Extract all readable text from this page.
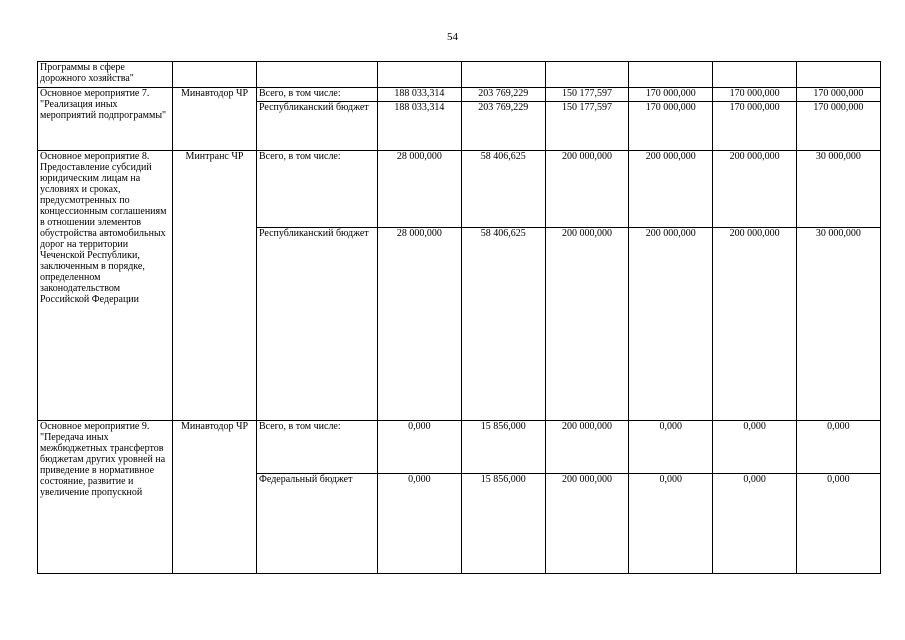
54
Программы в сфере дорожного хозяйства"								
Основное мероприятие 7. "Реализация иных мероприятий подпрограммы"	Минавтодор ЧР	Всего, в том числе:	188 033,314	203 769,229	150 177,597	170 000,000	170 000,000	170 000,000
		Республиканский бюджет	188 033,314	203 769,229	150 177,597	170 000,000	170 000,000	170 000,000
Основное мероприятие 8. Предоставление субсидий юридическим лицам на условиях и сроках, предусмотренных по концессионным соглашениям в отношении элементов обустройства автомобильных дорог на территории Чеченской Республики, заключенным в порядке, определенном законодательством Российской Федерации	Минтранс ЧР	Всего, в том числе:	28 000,000	58 406,625	200 000,000	200 000,000	200 000,000	30 000,000
		Республиканский бюджет	28 000,000	58 406,625	200 000,000	200 000,000	200 000,000	30 000,000
Основное мероприятие 9. "Передача иных межбюджетных трансфертов бюджетам других уровней на приведение в нормативное состояние, развитие и увеличение пропускной	Минавтодор ЧР	Всего, в том числе:	0,000	15 856,000	200 000,000	0,000	0,000	0,000
		Федеральный бюджет	0,000	15 856,000	200 000,000	0,000	0,000	0,000
